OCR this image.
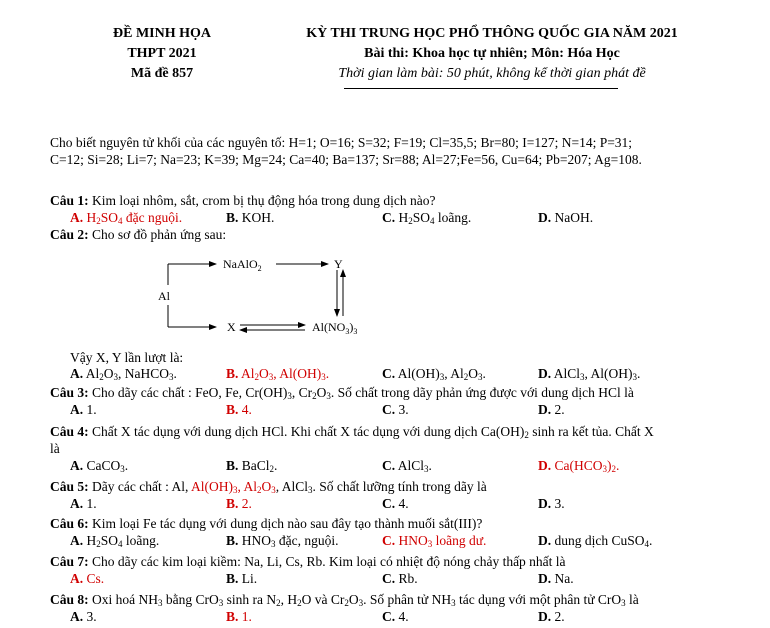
ĐỀ MINH HỌA
THPT 2021
Mã đề 857
KỲ THI TRUNG HỌC PHỔ THÔNG QUỐC GIA NĂM 2021
Bài thi: Khoa học tự nhiên; Môn: Hóa Học
Thời gian làm bài: 50 phút, không kể thời gian phát đề
Cho biết nguyên tử khối của các nguyên tố: H=1; O=16; S=32; F=19; Cl=35,5; Br=80; I=127; N=14; P=31;
C=12; Si=28; Li=7; Na=23; K=39; Mg=24; Ca=40; Ba=137; Sr=88; Al=27;Fe=56, Cu=64; Pb=207; Ag=108.
Câu 1: Kim loại nhôm, sắt, crom bị thụ động hóa trong dung dịch nào?
A. $H_2SO_4$ đặc nguội.	B. KOH.	C. $H_2SO_4$ loãng.	D. NaOH.
Câu 2: Cho sơ đồ phản ứng sau:
Al
NaAlO$_2$	Y
X	$Al(NO_3)_3$
Vậy X, Y lần lượt là:
A. $Al_2O_3$, NaHCO$_3$.	B. $Al_2O_3$, $Al(OH)_3$.	C. $Al(OH)_3$, $Al_2O_3$.	D. AlCl$_3$, $Al(OH)_3$.
Câu 3: Cho dãy các chất : FeO, Fe, $Cr(OH)_3$, $Cr_2O_3$. Số chất trong dãy phản ứng được với dung dịch HCl là
A. 1.	B. 4.	C. 3.	D. 2.
Câu 4: Chất X tác dụng với dung dịch HCl. Khi chất X tác dụng với dung dịch $Ca(OH)_2$ sinh ra kết tủa. Chất X
là
A. CaCO$_3$.	B. BaCl$_2$.	C. AlCl$_3$.	D. $Ca(HCO_3)_2$.
Câu 5: Dãy các chất : Al, $Al(OH)_3$, $Al_2O_3$, AlCl$_3$. Số chất lưỡng tính trong dãy là
A. 1.	B. 2.	C. 4.	D. 3.
Câu 6: Kim loại Fe tác dụng với dung dịch nào sau đây tạo thành muối sắt(III)?
A. $H_2SO_4$ loãng.	B. $HNO_3$ đặc, nguội.	C. $HNO_3$ loãng dư.	D. dung dịch CuSO$_4$.
Câu 7: Cho dãy các kim loại kiềm: Na, Li, Cs, Rb. Kim loại có nhiệt độ nóng chảy thấp nhất là
A. Cs.	B. Li.	C. Rb.	D. Na.
Câu 8: Oxi hoá $NH_3$ bằng CrO$_3$ sinh ra $N_2$, $H_2O$ và $Cr_2O_3$. Số phân tử $NH_3$ tác dụng với một phân tử CrO$_3$ là
A. 3.	B. 1.	C. 4.	D. 2.
